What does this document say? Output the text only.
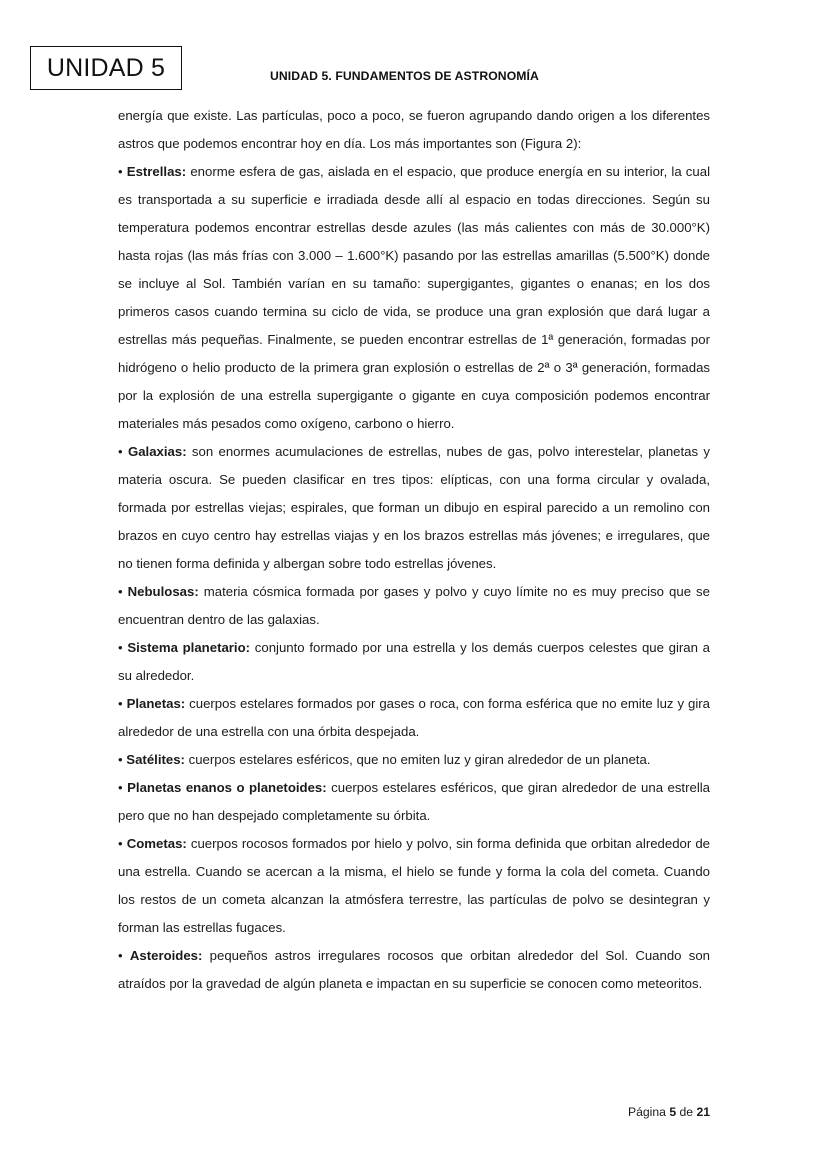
UNIDAD 5	UNIDAD 5. FUNDAMENTOS DE ASTRONOMÍA

energía que existe. Las partículas, poco a poco, se fueron agrupando dando origen a los diferentes astros que podemos encontrar hoy en día. Los más importantes son (Figura 2):

• Estrellas: enorme esfera de gas, aislada en el espacio, que produce energía en su interior, la cual es transportada a su superficie e irradiada desde allí al espacio en todas direcciones. Según su temperatura podemos encontrar estrellas desde azules (las más calientes con más de 30.000°K) hasta rojas (las más frías con 3.000 – 1.600°K) pasando por las estrellas amarillas (5.500°K) donde se incluye al Sol. También varían en su tamaño: supergigantes, gigantes o enanas; en los dos primeros casos cuando termina su ciclo de vida, se produce una gran explosión que dará lugar a estrellas más pequeñas. Finalmente, se pueden encontrar estrellas de 1ª generación, formadas por hidrógeno o helio producto de la primera gran explosión o estrellas de 2ª o 3ª generación, formadas por la explosión de una estrella supergigante o gigante en cuya composición podemos encontrar materiales más pesados como oxígeno, carbono o hierro.

• Galaxias: son enormes acumulaciones de estrellas, nubes de gas, polvo interestelar, planetas y materia oscura. Se pueden clasificar en tres tipos: elípticas, con una forma circular y ovalada, formada por estrellas viejas; espirales, que forman un dibujo en espiral parecido a un remolino con brazos en cuyo centro hay estrellas viajas y en los brazos estrellas más jóvenes; e irregulares, que no tienen forma definida y albergan sobre todo estrellas jóvenes.

• Nebulosas: materia cósmica formada por gases y polvo y cuyo límite no es muy preciso que se encuentran dentro de las galaxias.

• Sistema planetario: conjunto formado por una estrella y los demás cuerpos celestes que giran a su alrededor.

• Planetas: cuerpos estelares formados por gases o roca, con forma esférica que no emite luz y gira alrededor de una estrella con una órbita despejada.

• Satélites: cuerpos estelares esféricos, que no emiten luz y giran alrededor de un planeta.

• Planetas enanos o planetoides: cuerpos estelares esféricos, que giran alrededor de una estrella pero que no han despejado completamente su órbita.

• Cometas: cuerpos rocosos formados por hielo y polvo, sin forma definida que orbitan alrededor de una estrella. Cuando se acercan a la misma, el hielo se funde y forma la cola del cometa. Cuando los restos de un cometa alcanzan la atmósfera terrestre, las partículas de polvo se desintegran y forman las estrellas fugaces.

• Asteroides: pequeños astros irregulares rocosos que orbitan alrededor del Sol. Cuando son atraídos por la gravedad de algún planeta e impactan en su superficie se conocen como meteoritos.

Página 5 de 21
